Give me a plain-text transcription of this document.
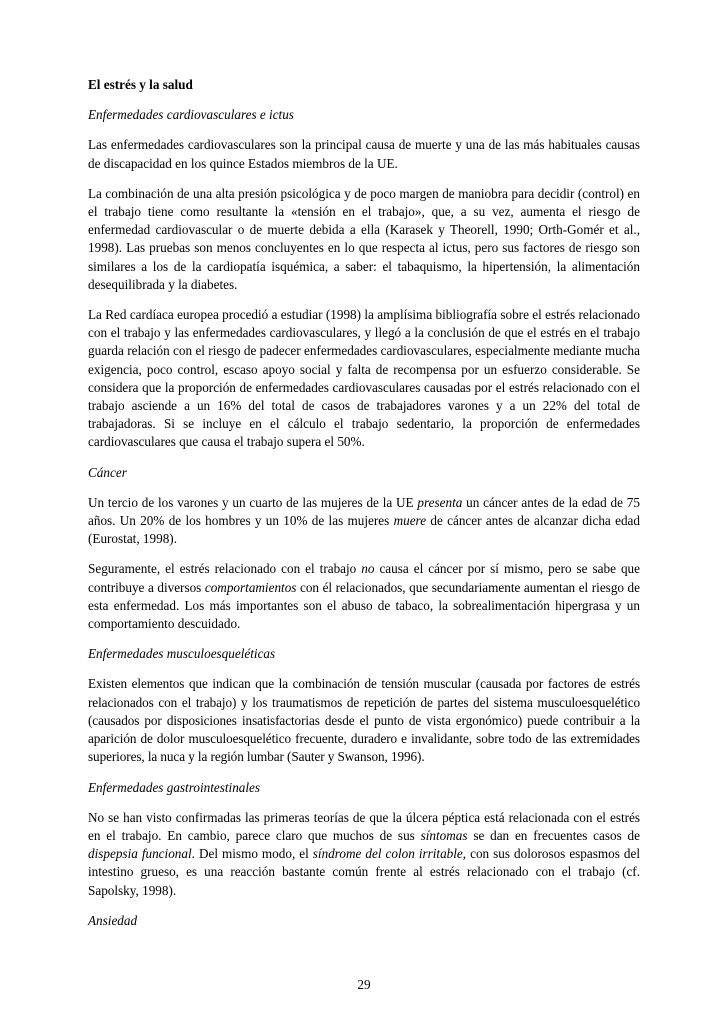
El estrés y la salud
Enfermedades cardiovasculares e ictus

Las enfermedades cardiovasculares son la principal causa de muerte y una de las más habituales causas de discapacidad en los quince Estados miembros de la UE.

La combinación de una alta presión psicológica y de poco margen de maniobra para decidir (control) en el trabajo tiene como resultante la «tensión en el trabajo», que, a su vez, aumenta el riesgo de enfermedad cardiovascular o de muerte debida a ella (Karasek y Theorell, 1990; Orth-Gomér et al., 1998). Las pruebas son menos concluyentes en lo que respecta al ictus, pero sus factores de riesgo son similares a los de la cardiopatía isquémica, a saber: el tabaquismo, la hipertensión, la alimentación desequilibrada y la diabetes.

La Red cardíaca europea procedió a estudiar (1998) la amplísima bibliografía sobre el estrés relacionado con el trabajo y las enfermedades cardiovasculares, y llegó a la conclusión de que el estrés en el trabajo guarda relación con el riesgo de padecer enfermedades cardiovasculares, especialmente mediante mucha exigencia, poco control, escaso apoyo social y falta de recompensa por un esfuerzo considerable. Se considera que la proporción de enfermedades cardiovasculares causadas por el estrés relacionado con el trabajo asciende a un 16% del total de casos de trabajadores varones y a un 22% del total de trabajadoras. Si se incluye en el cálculo el trabajo sedentario, la proporción de enfermedades cardiovasculares que causa el trabajo supera el 50%.

Cáncer

Un tercio de los varones y un cuarto de las mujeres de la UE presenta un cáncer antes de la edad de 75 años. Un 20% de los hombres y un 10% de las mujeres muere de cáncer antes de alcanzar dicha edad (Eurostat, 1998).

Seguramente, el estrés relacionado con el trabajo no causa el cáncer por sí mismo, pero se sabe que contribuye a diversos comportamientos con él relacionados, que secundariamente aumentan el riesgo de esta enfermedad. Los más importantes son el abuso de tabaco, la sobrealimentación hipergrasa y un comportamiento descuidado.

Enfermedades musculoesqueléticas

Existen elementos que indican que la combinación de tensión muscular (causada por factores de estrés relacionados con el trabajo) y los traumatismos de repetición de partes del sistema musculoesquelético (causados por disposiciones insatisfactorias desde el punto de vista ergonómico) puede contribuir a la aparición de dolor musculoesquelético frecuente, duradero e invalidante, sobre todo de las extremidades superiores, la nuca y la región lumbar (Sauter y Swanson, 1996).

Enfermedades gastrointestinales

No se han visto confirmadas las primeras teorías de que la úlcera péptica está relacionada con el estrés en el trabajo. En cambio, parece claro que muchos de sus síntomas se dan en frecuentes casos de dispepsia funcional. Del mismo modo, el síndrome del colon irritable, con sus dolorosos espasmos del intestino grueso, es una reacción bastante común frente al estrés relacionado con el trabajo (cf. Sapolsky, 1998).

Ansiedad
29
